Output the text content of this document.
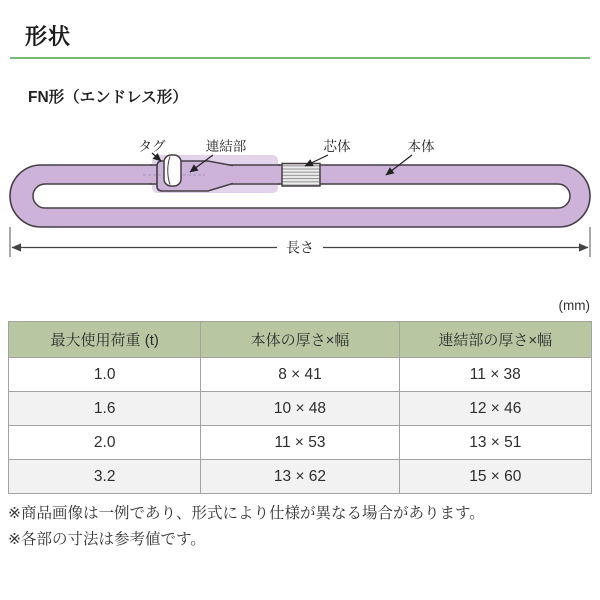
形状
FN形（エンドレス形）
タグ	連結部	芯体	本体
長さ
(mm)
最大使用荷重 (t)	本体の厚さ×幅	連結部の厚さ×幅
1.0	8 × 41	11 × 38
1.6	10 × 48	12 × 46
2.0	11 × 53	13 × 51
3.2	13 × 62	15 × 60
※商品画像は一例であり、形式により仕様が異なる場合があります。
※各部の寸法は参考値です。
